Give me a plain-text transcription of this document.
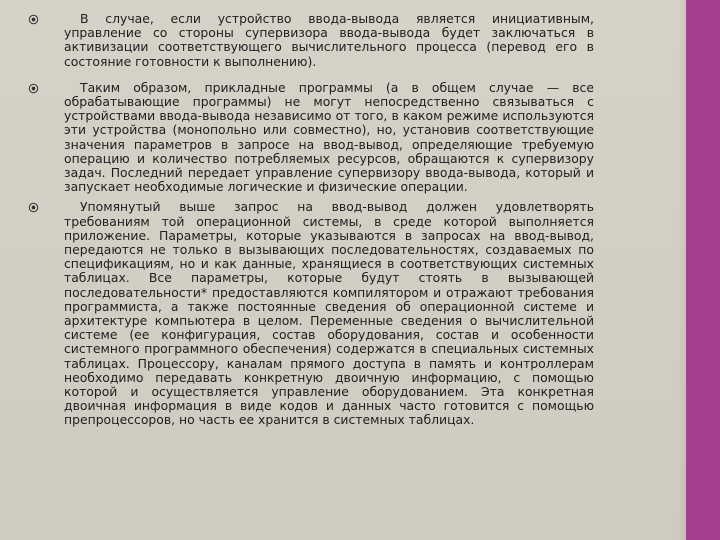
В случае, если устройство ввода-вывода является инициативным, управление со стороны супервизора ввода-вывода будет заключаться в активизации соответствующего вычислительного процесса (перевод его в состояние готовности к выполнению).
Таким образом, прикладные программы (а в общем случае — все обрабатывающие программы) не могут непосредственно связываться с устройствами ввода-вывода независимо от того, в каком режиме используются эти устройства (монопольно или совместно), но, установив соответствующие значения параметров в запросе на ввод-вывод, определяющие требуемую операцию и количество потребляемых ресурсов, обращаются к супервизору задач. Последний передает управление супервизору ввода-вывода, который и запускает необходимые логические и физические операции.
Упомянутый выше запрос на ввод-вывод должен удовлетворять требованиям той операционной системы, в среде которой выполняется приложение. Параметры, которые указываются в запросах на ввод-вывод, передаются не только в вызывающих последовательностях, создаваемых по спецификациям, но и как данные, хранящиеся в соответствующих системных таблицах. Все параметры, которые будут стоять в вызывающей последовательности* предоставляются компилятором и отражают требования программиста, а также постоянные сведения об операционной системе и архитектуре компьютера в целом. Переменные сведения о вычислительной системе (ее конфигурация, состав оборудования, состав и особенности системного программного обеспечения) содержатся в специальных системных таблицах. Процессору, каналам прямого доступа в память и контроллерам необходимо передавать конкретную двоичную информацию, с помощью которой и осуществляется управление оборудованием. Эта конкретная двоичная информация в виде кодов и данных часто готовится с помощью препроцессоров, но часть ее хранится в системных таблицах.
